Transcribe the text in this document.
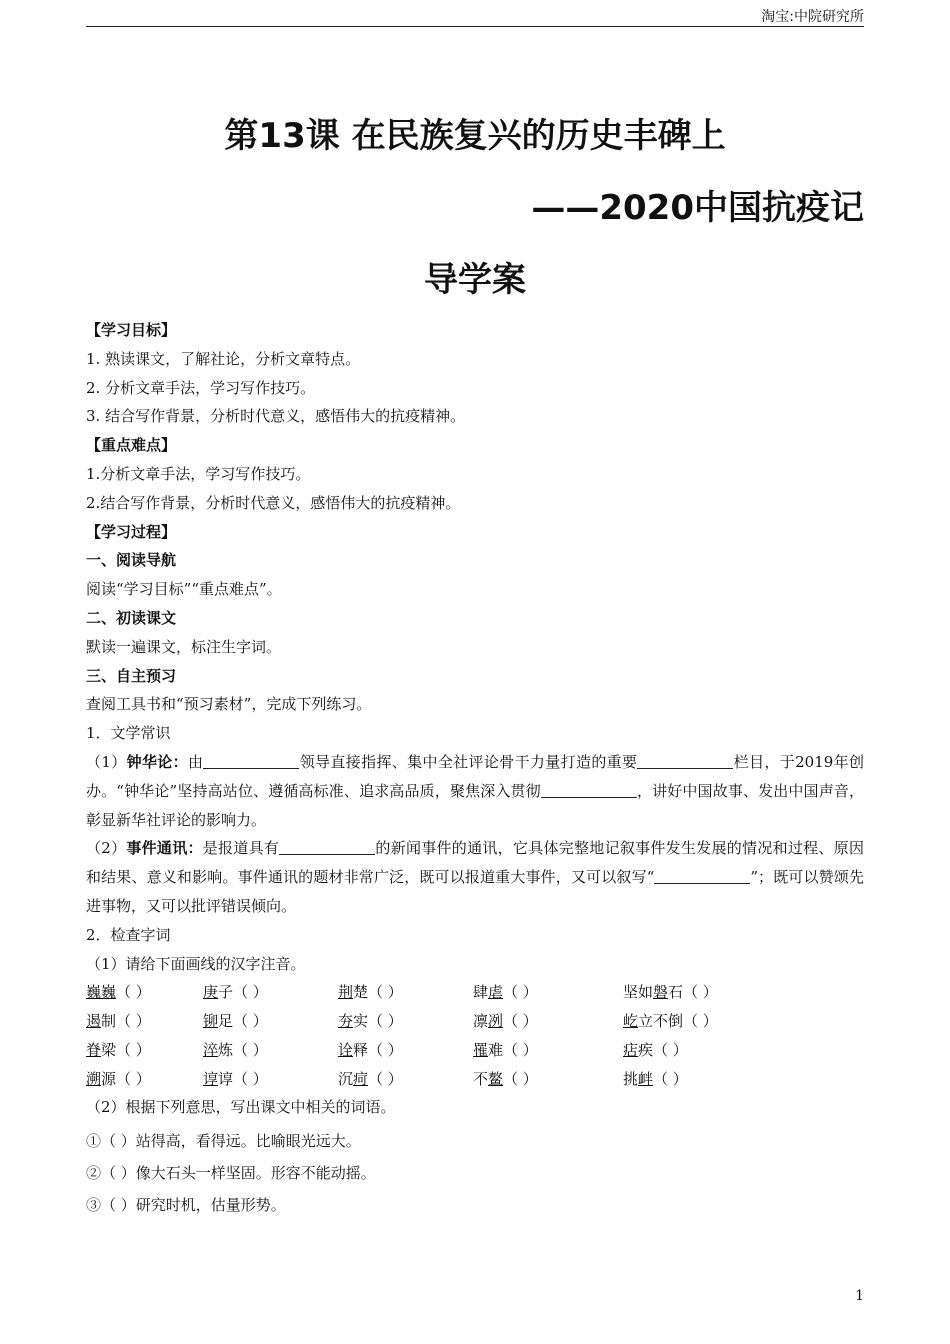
淘宝:中院研究所
第13课 在民族复兴的历史丰碑上
——2020中国抗疫记
导学案

【学习目标】

1. 熟读课文，了解社论，分析文章特点。

2. 分析文章手法，学习写作技巧。

3. 结合写作背景，分析时代意义，感悟伟大的抗疫精神。

【重点难点】

1.分析文章手法，学习写作技巧。

2.结合写作背景，分析时代意义，感悟伟大的抗疫精神。

【学习过程】

一、阅读导航

阅读“学习目标”“重点难点”。

二、初读课文

默读一遍课文，标注生字词。

三、自主预习

查阅工具书和“预习素材”，完成下列练习。

1．文学常识

（1）钟华论：由	领导直接指挥、集中全社评论骨干力量打造的重要	栏目，于2019年创办。“钟华论”坚持高站位、遵循高标准、追求高品质，聚焦深入贯彻	，讲好中国故事、发出中国声音，彰显新华社评论的影响力。

（2）事件通讯：是报道具有	的新闻事件的通讯，它具体完整地记叙事件发生发展的情况和过程、原因和结果、意义和影响。事件通讯的题材非常广泛，既可以报道重大事件，又可以叙写“	”；既可以赞颂先进事物，又可以批评错误倾向。

2．检查字词

（1）请给下面画线的汉字注音。

巍巍（ ）	庚子（ ）	荆楚（ ）	肆虐（ ）	坚如磐石（ ）
遏制（ ）	铆足（ ）	夯实（ ）	凛冽（ ）	屹立不倒（ ）
脊梁（ ）	淬炼（ ）	诠释（ ）	罹难（ ）	痁疾（ ）
溯源（ ）	谆谆（ ）	沉疴（ ）	不鳌（ ）	挑衅（ ）

（2）根据下列意思，写出课文中相关的词语。

①（ ）站得高，看得远。比喻眼光远大。

②（ ）像大石头一样坚固。形容不能动摇。

③（ ）研究时机，估量形势。

1
